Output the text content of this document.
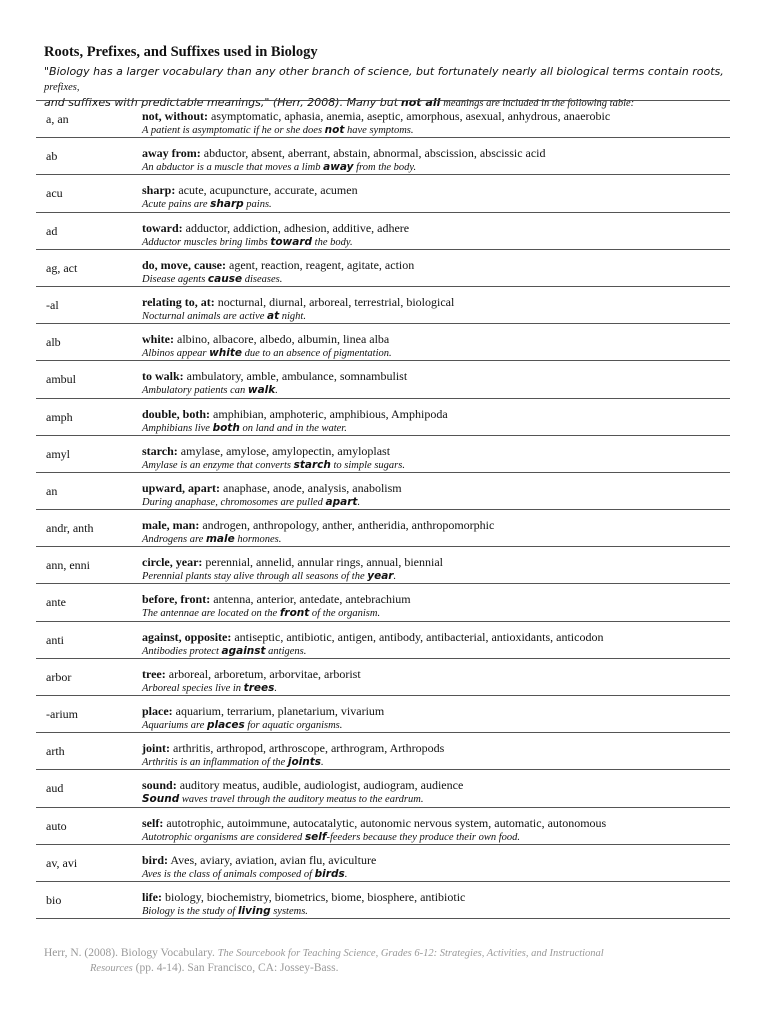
Roots, Prefixes, and Suffixes used in Biology
"Biology has a larger vocabulary than any other branch of science, but fortunately nearly all biological terms contain roots, prefixes,
and suffixes with predictable meanings," (Herr, 2008). Many but not all meanings are included in the following table:
a, an	not, without: asymptomatic, aphasia, anemia, aseptic, amorphous, asexual, anhydrous, anaerobic
A patient is asymptomatic if he or she does not have symptoms.
ab	away from: abductor, absent, aberrant, abstain, abnormal, abscission, abscissic acid
An abductor is a muscle that moves a limb away from the body.
acu	sharp: acute, acupuncture, accurate, acumen
Acute pains are sharp pains.
ad	toward: adductor, addiction, adhesion, additive, adhere
Adductor muscles bring limbs toward the body.
ag, act	do, move, cause: agent, reaction, reagent, agitate, action
Disease agents cause diseases.
-al	relating to, at: nocturnal, diurnal, arboreal, terrestrial, biological
Nocturnal animals are active at night.
alb	white: albino, albacore, albedo, albumin, linea alba
Albinos appear white due to an absence of pigmentation.
ambul	to walk: ambulatory, amble, ambulance, somnambulist
Ambulatory patients can walk.
amph	double, both: amphibian, amphoteric, amphibious, Amphipoda
Amphibians live both on land and in the water.
amyl	starch: amylase, amylose, amylopectin, amyloplast
Amylase is an enzyme that converts starch to simple sugars.
an	upward, apart: anaphase, anode, analysis, anabolism
During anaphase, chromosomes are pulled apart.
andr, anth	male, man: androgen, anthropology, anther, antheridia, anthropomorphic
Androgens are male hormones.
ann, enni	circle, year: perennial, annelid, annular rings, annual, biennial
Perennial plants stay alive through all seasons of the year.
ante	before, front: antenna, anterior, antedate, antebrachium
The antennae are located on the front of the organism.
anti	against, opposite: antiseptic, antibiotic, antigen, antibody, antibacterial, antioxidants, anticodon
Antibodies protect against antigens.
arbor	tree: arboreal, arboretum, arborvitae, arborist
Arboreal species live in trees.
-arium	place: aquarium, terrarium, planetarium, vivarium
Aquariums are places for aquatic organisms.
arth	joint: arthritis, arthropod, arthroscope, arthrogram, Arthropods
Arthritis is an inflammation of the joints.
aud	sound: auditory meatus, audible, audiologist, audiogram, audience
Sound waves travel through the auditory meatus to the eardrum.
auto	self: autotrophic, autoimmune, autocatalytic, autonomic nervous system, automatic, autonomous
Autotrophic organisms are considered self-feeders because they produce their own food.
av, avi	bird: Aves, aviary, aviation, avian flu, aviculture
Aves is the class of animals composed of birds.
bio	life: biology, biochemistry, biometrics, biome, biosphere, antibiotic
Biology is the study of living systems.
Herr, N. (2008). Biology Vocabulary. The Sourcebook for Teaching Science, Grades 6-12: Strategies, Activities, and Instructional
Resources (pp. 4-14). San Francisco, CA: Jossey-Bass.
